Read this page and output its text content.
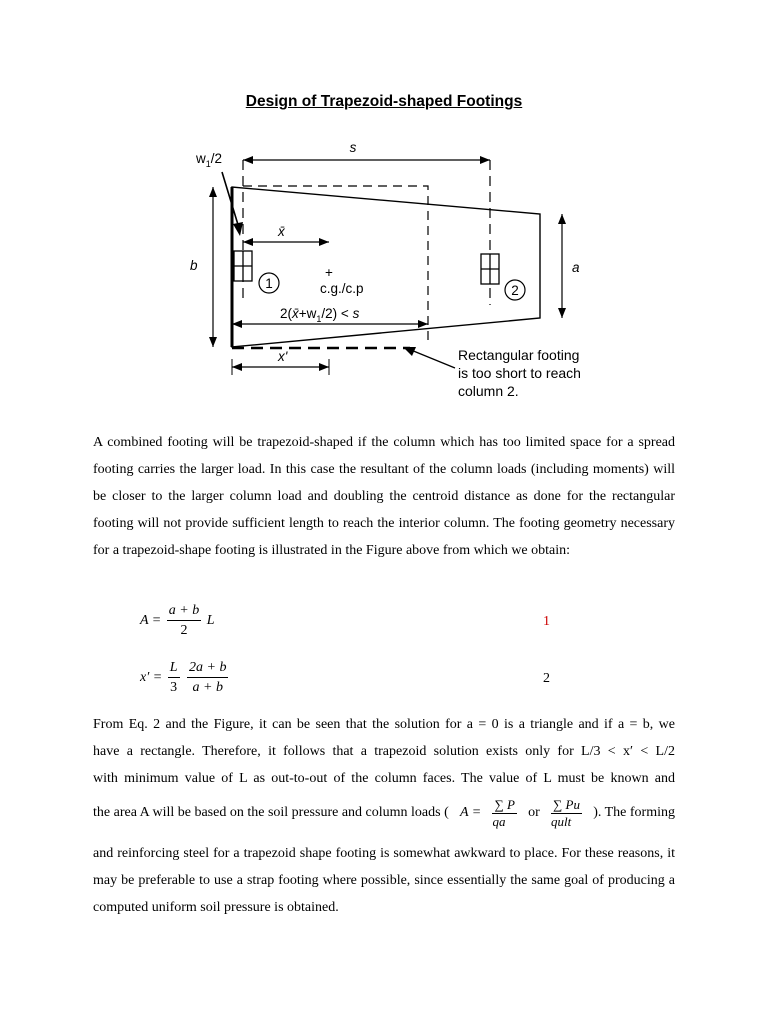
Design of Trapezoid-shaped Footings
1	2
s
$w_1/2$
b	a
x̄
+
c.g./c.p
$2(x̄+w_1/2) < s$
x'	Rectangular footing
is too short to reach
column 2.

A combined footing will be trapezoid-shaped if the column which has too limited space for a spread footing carries the larger load. In this case the resultant of the column loads (including moments) will be closer to the larger column load and doubling the centroid distance as done for the rectangular footing will not provide sufficient length to reach the interior column. The footing geometry necessary for a trapezoid-shape footing is illustrated in the Figure above from which we obtain:

$A = \frac{a + b}{2}$ L	1
$x' = \frac{L}{3}$
$\frac{2a + b}{a + b}$	2
From Eq. 2 and the Figure, it can be seen that the solution for a = 0 is a triangle and if a = b, we
have a rectangle. Therefore, it follows that a trapezoid solution exists only for L/3 < x′ < L/2
with minimum value of L as out-to-out of the column faces. The value of L must be known and
the area A will be based on the soil pressure and column loads ( $A = \frac{\sum P}{qa}$ or $\frac{\sum Pu}{\text{qult}}$ ). The forming
and reinforcing steel for a trapezoid shape footing is somewhat awkward to place. For these reasons, it may be preferable to use a strap footing where possible, since essentially the same goal of producing a computed uniform soil pressure is obtained.
